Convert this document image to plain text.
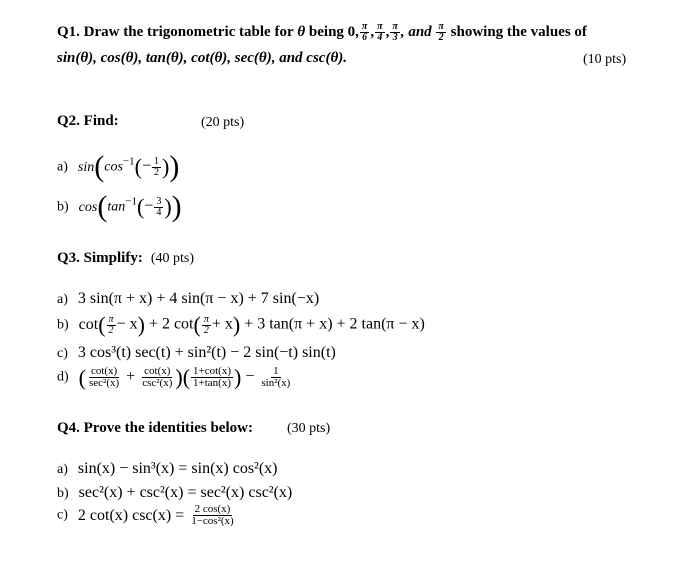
Q1. Draw the trigonometric table for θ being 0, $\frac{\pi}{6}$ , $\frac{\pi}{4}$ , $\frac{\pi}{3}$ , and $\frac{\pi}{2}$ showing the values of
sin(θ), cos(θ), tan(θ), cot(θ), sec(θ), and csc(θ).	(10 pts)
Q2. Find:	(20 pts)
a) $\sin(\cos^{-1}(- \frac{1}{2}$ ))
b) $\cos(\tan^{-1}(- \frac{3}{4}$ ))
Q3. Simplify: (40 pts)
a) 3 sin(π + x) + 4 sin(π − x) + 7 sin(−x)
b) $\cot( \frac{\pi}{2} - x) + 2$ $\cot( \frac{\pi}{2} + x) + 3$ tan(π + x) + 2 tan(π − x)
c) 3 cos³(t) sec(t) + sin²(t) − 2 sin(−t) sin(t)
d) ( $\frac{\cot(x)}{\text{sec²(x)}} + \frac{\cot(x)}{\text{csc²(x)}}$ )( $\frac{1+\cot(x)}{1+\tan(x)}$ ) − $\frac{1}{\text{sin²(x)}}$
Q4. Prove the identities below: (30 pts)
a) sin(x) − sin³(x) = sin(x) cos²(x)
b) sec²(x) + csc²(x) = sec²(x) csc²(x)
c) 2 cot(x) $\csc(x) = \frac{2 \cos(x)}{\text{1−cos²(x)}}$
